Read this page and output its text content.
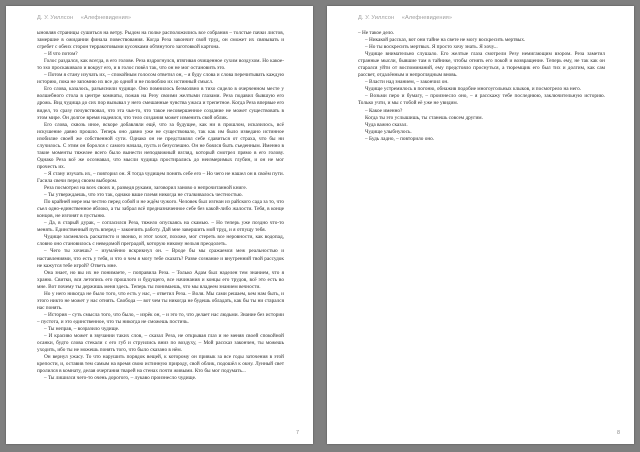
Д. У. Уиллсон «Алефневидения»

ыновляя страницы сушиться на ветру. Рыдом на полке расположились все собрания – толстые пачки листов, замершие в ожидании финала повествования. Когда Реза закончит свой труд, он сможет их связывать и сгребет с обеих сторон терракотовыми кусочками обтянутого заготовкой картона.

– И что потом?

Голос раздался, как всегда, в его голове. Реза вздрогнулся, втягивая очищенное сухим воздухом. Но какое-то эхо проскакивало и вокруг его, и в голос повёл так, что он не мог остановить это.

– Потом я стану изучать их, – спокойным голосом ответил он, – я буду слова и слова перечитывать каждую историю, пока не запомню их все до одной и не полюблю их истинный смысл.

Его слова, казалось, разъяснили чудище. Оно помнилось безмолвно в тихо сидело в очерченном месте у волшебного стола в центре комнаты, пожав на Резу своими желтыми глазами. Реза подавил бывшую его дрожь. Вид чудища до сих пор вызывал у него смешанные чувства ужаса и трепетное. Когда Реза впервые его видел, то сразу почувствовал, что эта чья-то, что такое несовершенное создание не может существовать в этом мире. Он долгое время надеялся, что тело создания может изменить свой облик.

Его слова, сквозь иное, вскоре добавляли ещё, что за будущее, как ни в прошлом, исказилось, всё искушение давно прошло. Теперь оно давно уже не существовало, так как им было изведано истинное изобилие своей же собственной сути. Однако он не представлял себе сдавиться от страха, что бы ни случилось. С этим он боролся с самого начала, пусть и безуспешно. Он не боялся быть съеденным. Именно в такие моменты тяжелее всего было вынести неподвижный взгляд, который смотрел прямо в его голову. Однако Реза всё же осознавал, что мысли чудища простирались до неизмеримых глубин, и он не мог прочесть их.

– Я стану изучать их, – повторил он. Я тогда чудищем понять себе его – Но чего не нашел он в своём пути. Гасила свечи перед своим выбором.

Реза посмотрел на всех своих и, разведя руками, заговорил заново о непрочитанной книге.

– Ты утверждаешь, что это так, однако ваше племя никогда не сталкивалось честностью.

По крайней мере мы честно перед собой и не ждём чужого. Человек был изгнан из райского сада за то, что съел одно-единственное яблоко, а ты забрал всё предназначенное себе без какой-либо жалости. Тебя, в конце концов, не изгонят в пустыню.

– Да, в старый дурак, – согласился Реза, тяжело опускаясь на скамью. – Но теперь уже поздно что-то менять. Единственный путь вперед – закончить работу. Дай мне завершить мой труд, и я отпущу тебя.

Чудище засмеялось раскатисто и звонко, и этот хохот, похоже, мог стереть все неровности, как водопад, словно оно становилось с неведомой преградой, которую никому нельзя преодолеть.

– Чего ты хочешь? – изумлённо вскрикнул он. – Вроде бы мы сражаемся меж реальностью и наставлениями, что есть у тебя, и что о чем я могу тебе сказать? Разве сознание и внутренний твой рассудок не кажутся тебе игрой? Ответь мне.

Она знает, но вы их не понимаете, – поправила Реза. – Только Адам был наделен тем знанием, что я храню. Свитки, вся летопись его прошлого и будущего, все начинания и концы его трудов, всё это есть во мне. Вот почему ты держишь меня здесь. Теперь ты понимаешь, что мы владеем знанием вечности.

Но у него никогда не было того, что есть у нас, – ответил Реза. – Воля. Мы сами решаем, кем нам быть, и этого никто не может у нас отнять. Свобода — вот чем ты никогда не будешь обладать, как бы ты ни старался нас понять.

– История – суть смысла того, что было, – изрёк он, – и это то, что делает нас людьми. Знание без истории – пустота, и это единственное, что ты никогда не сможешь постичь.

– Ты неправ, – возразило чудище.

– И красиво может в звучании таких слов, – сказал Реза, не открывая глаз и не меняя своей спокойной осанки, будто слова стекали с его губ и струились вниз по воздуху, – Мой рассказ закончен, ты можешь уходить, ибо ты не можешь понять того, что было сказано в нём.

Он вернул ужасу. То что нарушить порядок вещей, к которому он привык за все годы заточения в этой крепости, и, оставив тем самым на время свою истинную природу, свой облик, подошёл к окну. Лунный свет пролился в комнату, делая очертания тварей на стенах почти живыми. Кто бы мог подумать...

– Ты лишился чего-то очень дорогого, – лукаво произнесло чудище.

7
Д. У. Уиллсон «Алефневидения»

– Не такое дело.

– Никакой рассказ, вот они тайне на свете не могу воскресить мертвых.

– Но ты воскресить мертвых. Я просто хочу знать. Я хочу...

Чудище внимательно слушало. Его желтые глаза смотрели Резу немигающим взором. Реза заметил странные мысли, бывшие там в тайнике, чтобы отнять его покой и возвращение. Теперь ему, не так как он старался уйти от воспоминаний, ему предстояло проснуться, а тюремщик его был тих и долгим, как сам рассвет, отдалённым и непроглядным вновь.

– Власти над знанием, – закончил он.

Чудище устремилось в погоню, обнажив подобие многоугольных клыков, и посмотрело на него.

– Возьми перо и бумагу, – произнесло оно, – я расскажу тебе последнюю, заключительную историю. Только учти, и мы с тобой её уже не увидим.

– Какое именно?

Когда ты это услышишь, ты станешь совсем другим.

Чуда важно сказал.

Чудище улыбнулось.

– Будь ладно, – повторило оно.

8
